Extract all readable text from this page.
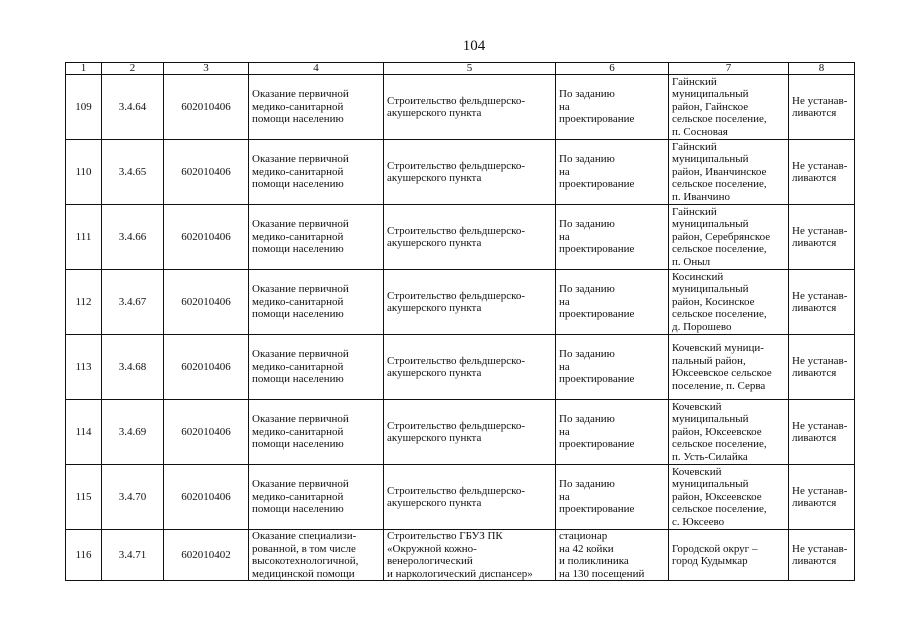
104
1	2	3	4	5	6	7	8

109	3.4.64	602010406	Оказание первичной
медико-санитарной
помощи населению	Строительство фельдшерско-
акушерского пункта	По заданию
на
проектирование	Гайнский
муниципальный
район, Гайнское
сельское поселение,
п. Сосновая	Не устанав-
ливаются

110	3.4.65	602010406	Оказание первичной
медико-санитарной
помощи населению	Строительство фельдшерско-
акушерского пункта	По заданию
на
проектирование	Гайнский
муниципальный
район, Иванчинское
сельское поселение,
п. Иванчино	Не устанав-
ливаются

111	3.4.66	602010406	Оказание первичной
медико-санитарной
помощи населению	Строительство фельдшерско-
акушерского пункта	По заданию
на
проектирование	Гайнский
муниципальный
район, Серебрянское
сельское поселение,
п. Оныл	Не устанав-
ливаются

112	3.4.67	602010406	Оказание первичной
медико-санитарной
помощи населению	Строительство фельдшерско-
акушерского пункта	По заданию
на
проектирование	Косинский
муниципальный
район, Косинское
сельское поселение,
д. Порошево	Не устанав-
ливаются

113	3.4.68	602010406	Оказание первичной
медико-санитарной
помощи населению	Строительство фельдшерско-
акушерского пункта	По заданию
на
проектирование	Кочевский муници-
пальный район,
Юксеевское сельское
поселение, п. Серва	Не устанав-
ливаются

114	3.4.69	602010406	Оказание первичной
медико-санитарной
помощи населению	Строительство фельдшерско-
акушерского пункта	По заданию
на
проектирование	Кочевский
муниципальный
район, Юксеевское
сельское поселение,
п. Усть-Силайка	Не устанав-
ливаются

115	3.4.70	602010406	Оказание первичной
медико-санитарной
помощи населению	Строительство фельдшерско-
акушерского пункта	По заданию
на
проектирование	Кочевский
муниципальный
район, Юксеевское
сельское поселение,
с. Юксеево	Не устанав-
ливаются

116	3.4.71	602010402	Оказание специализи-
рованной, в том числе
высокотехнологичной,
медицинской помощи	Строительство ГБУЗ ПК
«Окружной кожно-
венерологический
и наркологический диспансер»	стационар
на 42 койки
и поликлиника
на 130 посещений	Городской округ –
город Кудымкар	Не устанав-
ливаются
